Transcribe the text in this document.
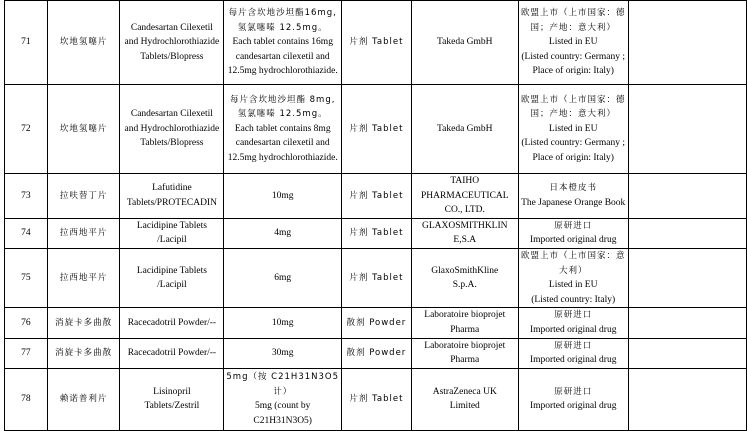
71	坎地氢噻片	Candesartan Cilexetil
and Hydrochlorothiazide
Tablets/Blopress	每片含坎地沙坦酯16mg,
氢氯噻嗪 12.5mg。
Each tablet contains 16mg
candesartan cilexetil and
12.5mg hydrochlorothiazide.	片剂 Tablet	Takeda GmbH	欧盟上市（上市国家：德
国；产地：意大利）
Listed in EU
(Listed country: Germany ;
Place of origin: Italy)	

72	坎地氢噻片	Candesartan Cilexetil
and Hydrochlorothiazide
Tablets/Blopress	每片含坎地沙坦酯 8mg,
氢氯噻嗪 12.5mg。
Each tablet contains 8mg
candesartan cilexetil and
12.5mg hydrochlorothiazide.	片剂 Tablet	Takeda GmbH	欧盟上市（上市国家：德
国；产地：意大利）
Listed in EU
(Listed country: Germany ;
Place of origin: Italy)	

73	拉呋替丁片	Lafutidine
Tablets/PROTECADIN	10mg	片剂 Tablet	TAIHO
PHARMACEUTICAL
CO., LTD.	日本橙皮书
The Japanese Orange Book	

74	拉西地平片	Lacidipine Tablets
/Lacipil	4mg	片剂 Tablet	GLAXOSMITHKLIN
E,S.A	原研进口
Imported original drug	

75	拉西地平片	Lacidipine Tablets
/Lacipil	6mg	片剂 Tablet	GlaxoSmithKline
S.p.A.	欧盟上市（上市国家：意
大利）
Listed in EU
(Listed country: Italy)	

76	消旋卡多曲散	Racecadotril Powder/--	10mg	散剂 Powder	Laboratoire bioprojet
Pharma	原研进口
Imported original drug	

77	消旋卡多曲散	Racecadotril Powder/--	30mg	散剂 Powder	Laboratoire bioprojet
Pharma	原研进口
Imported original drug	

78	赖诺普利片	Lisinopril
Tablets/Zestril	5mg（按 C21H31N3O5
计）
5mg (count by
C21H31N3O5)	片剂 Tablet	AstraZeneca UK
Limited	原研进口
Imported original drug	
